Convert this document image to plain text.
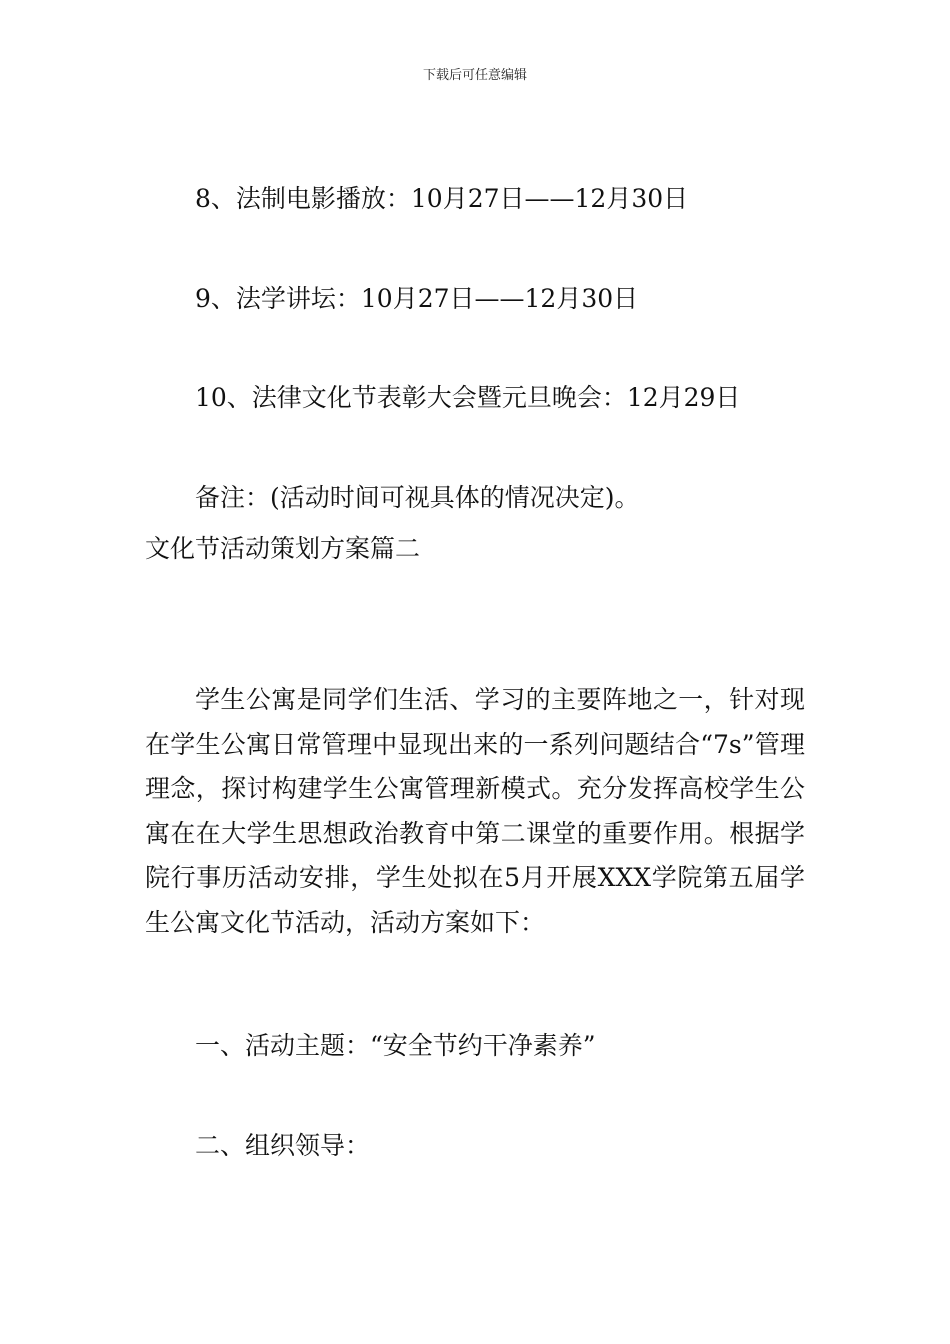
下载后可任意编辑
8、法制电影播放：10月27日——12月30日
9、法学讲坛：10月27日——12月30日
10、法律文化节表彰大会暨元旦晚会：12月29日
备注：(活动时间可视具体的情况决定)。
文化节活动策划方案篇二
学生公寓是同学们生活、学习的主要阵地之一，针对现在学生公寓日常管理中显现出来的一系列问题结合“7s”管理理念，探讨构建学生公寓管理新模式。充分发挥高校学生公寓在在大学生思想政治教育中第二课堂的重要作用。根据学院行事历活动安排，学生处拟在5月开展XXX学院第五届学生公寓文化节活动，活动方案如下：
一、活动主题：“安全节约干净素养”
二、组织领导：
